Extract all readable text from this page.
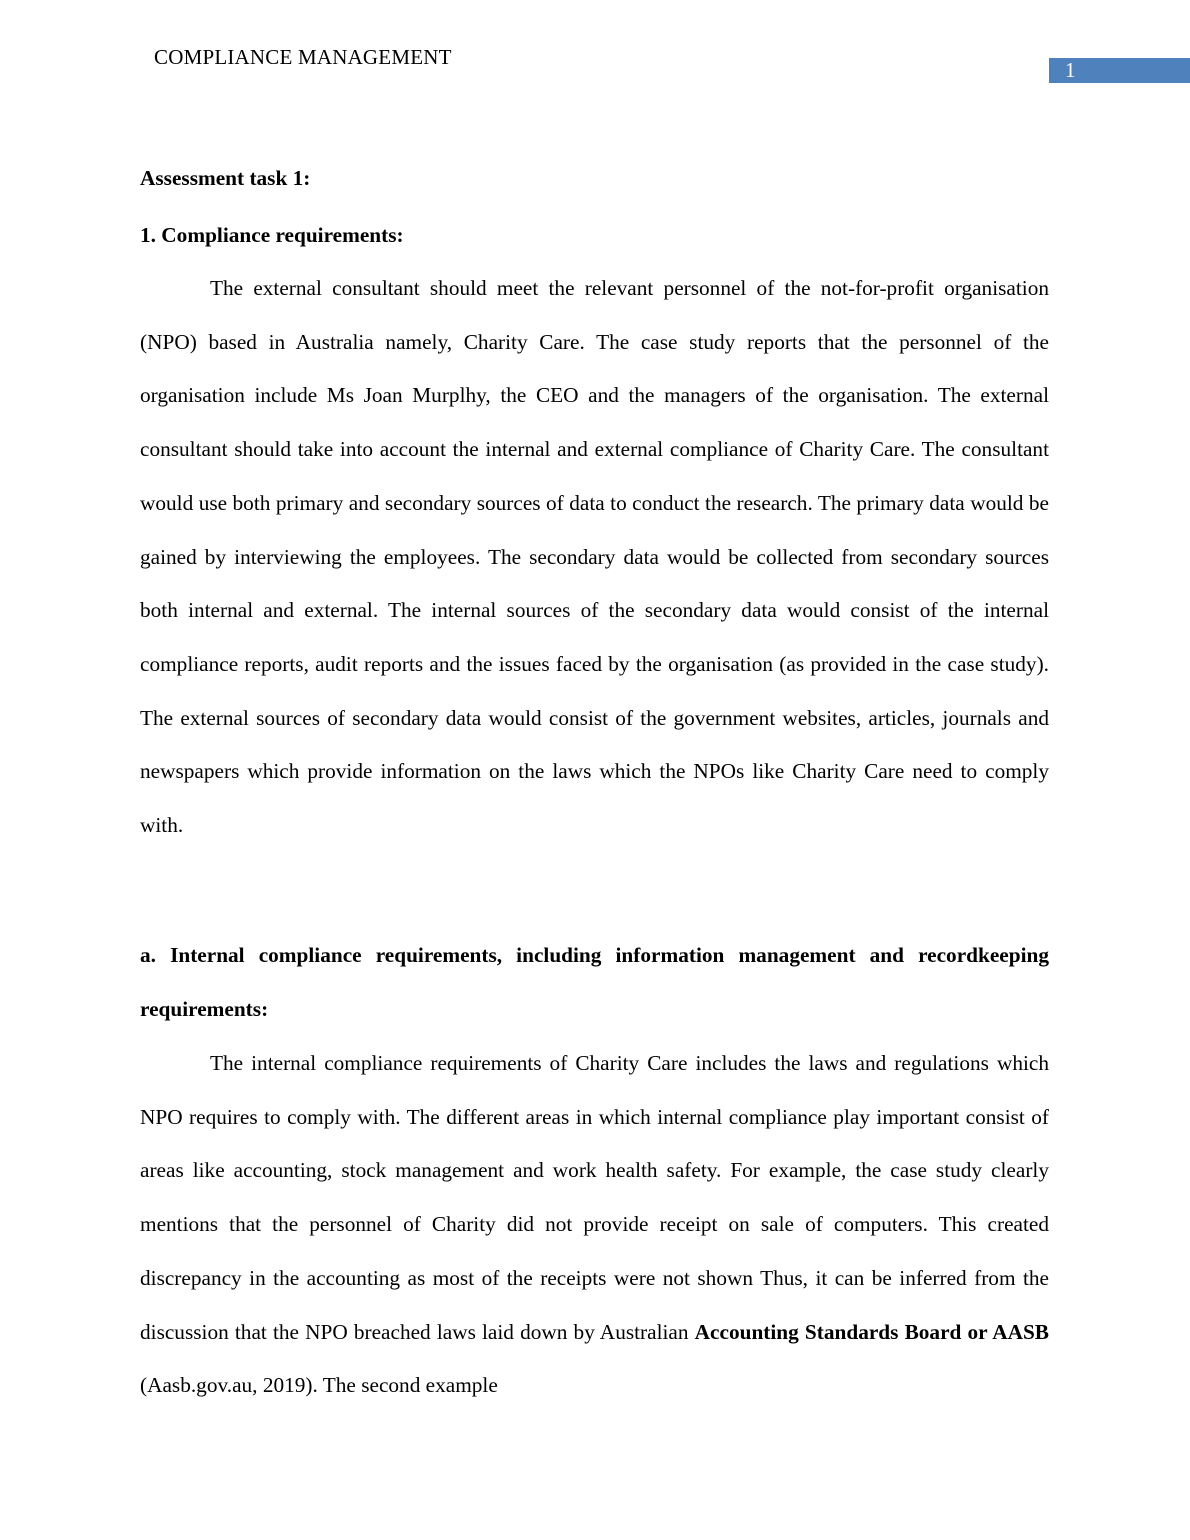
COMPLIANCE MANAGEMENT
1

Assessment task 1:

1. Compliance requirements:

The external consultant should meet the relevant personnel of the not-for-profit organisation (NPO) based in Australia namely, Charity Care. The case study reports that the personnel of the organisation include Ms Joan Murplhy, the CEO and the managers of the organisation. The external consultant should take into account the internal and external compliance of Charity Care. The consultant would use both primary and secondary sources of data to conduct the research. The primary data would be gained by interviewing the employees. The secondary data would be collected from secondary sources both internal and external. The internal sources of the secondary data would consist of the internal compliance reports, audit reports and the issues faced by the organisation (as provided in the case study). The external sources of secondary data would consist of the government websites, articles, journals and newspapers which provide information on the laws which the NPOs like Charity Care need to comply with.

a. Internal compliance requirements, including information management and recordkeeping requirements:

The internal compliance requirements of Charity Care includes the laws and regulations which NPO requires to comply with. The different areas in which internal compliance play important consist of areas like accounting, stock management and work health safety. For example, the case study clearly mentions that the personnel of Charity did not provide receipt on sale of computers. This created discrepancy in the accounting as most of the receipts were not shown Thus, it can be inferred from the discussion that the NPO breached laws laid down by Australian Accounting Standards Board or AASB (Aasb.gov.au, 2019). The second example
